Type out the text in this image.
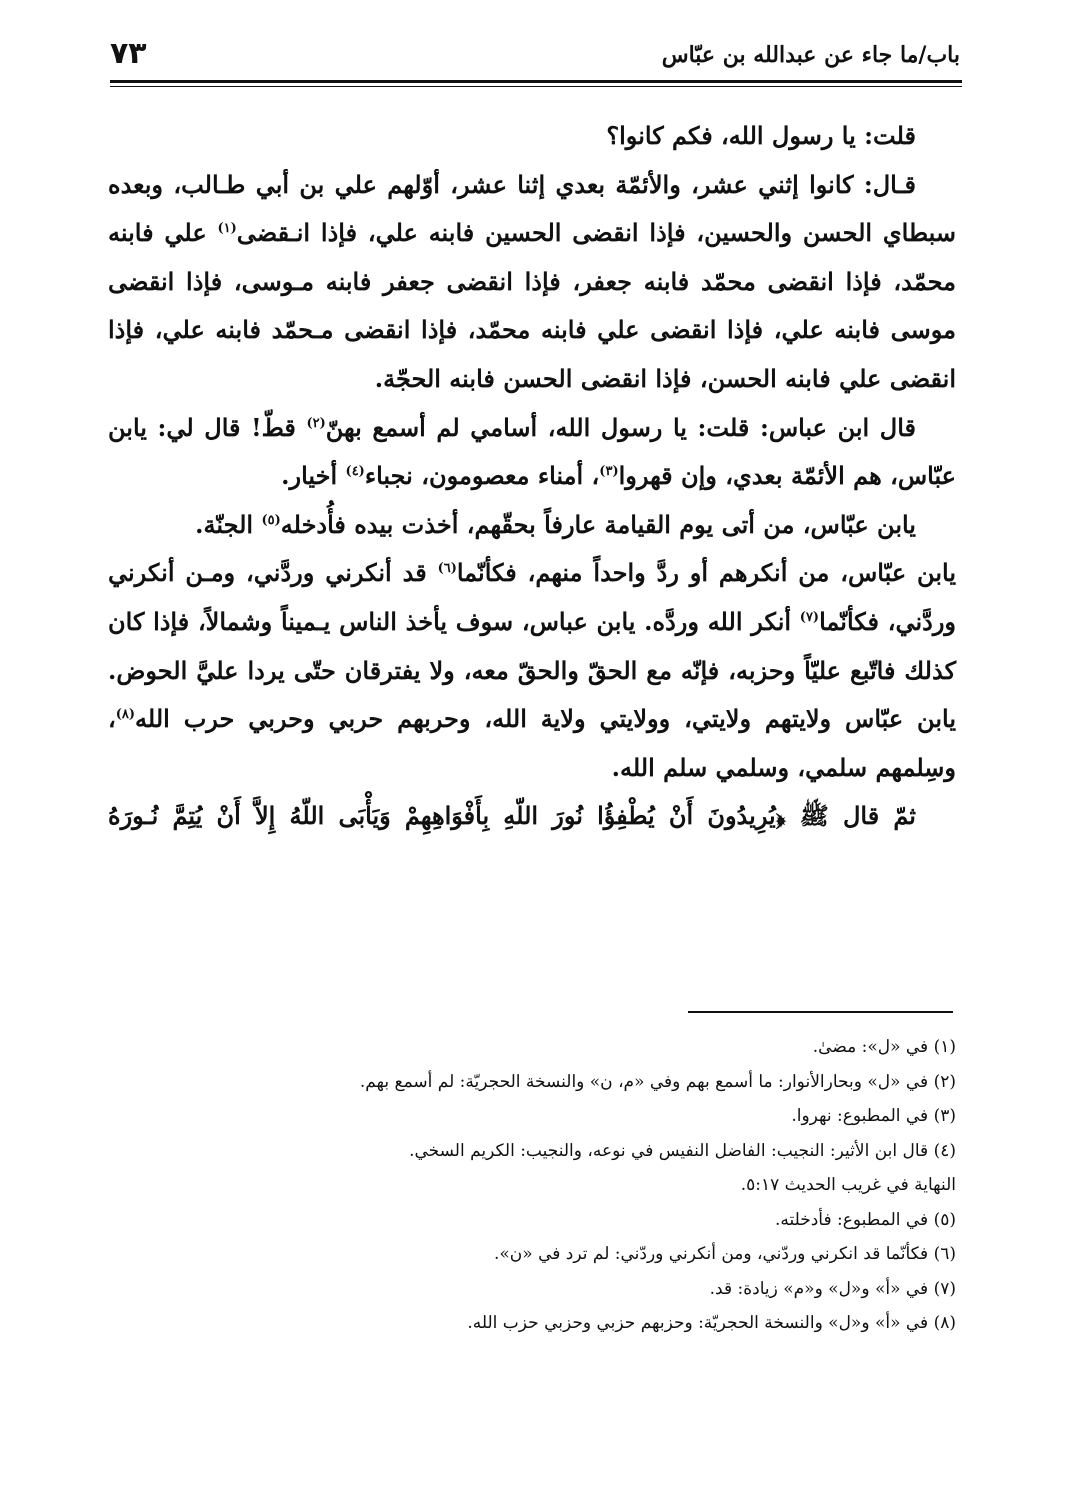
٧٣	باب/ما جاء عن عبدالله بن عبّاس

قلت: يا رسول الله، فكم كانوا؟

قـال: كانوا إثني عشر، والأئمّة بعدي إثنا عشر، أوّلهم علي بن أبي طـالب، وبعده سبطاي الحسن والحسين، فإذا انقضى الحسين فابنه علي، فإذا انـقضى$^{(١)}$ علي فابنه محمّد، فإذا انقضى محمّد فابنه جعفر، فإذا انقضى جعفر فابنه مـوسى، فإذا انقضى موسى فابنه علي، فإذا انقضى علي فابنه محمّد، فإذا انقضى مـحمّد فابنه علي، فإذا انقضى علي فابنه الحسن، فإذا انقضى الحسن فابنه الحجّة.

قال ابن عباس: قلت: يا رسول الله، أسامي لم أسمع بهنّ$^{(٢)}$ قطّ! قال لي: يابن عبّاس، هم الأئمّة بعدي، وإن قهروا$^{(٣)}$، أمناء معصومون، نجباء$^{(٤)}$ أخيار.

يابن عبّاس، من أتى يوم القيامة عارفاً بحقّهم، أخذت بيده فأُدخله$^{(٥)}$ الجنّة.

يابن عبّاس، من أنكرهم أو ردَّ واحداً منهم، فكأنّما$^{(٦)}$ قد أنكرني وردَّني، ومـن أنكرني وردَّني، فكأنّما$^{(٧)}$ أنكر الله وردَّه. يابن عباس، سوف يأخذ الناس يـميناً وشمالاً، فإذا كان كذلك فاتّبع عليّاً وحزبه، فإنّه مع الحقّ والحقّ معه، ولا يفترقان حتّى يردا عليَّ الحوض. يابن عبّاس ولايتهم ولايتي، وولايتي ولاية الله، وحربهم حربي وحربي حرب الله$^{(٨)}$، وسِلمهم سلمي، وسلمي سلم الله.

ثمّ قال ﷺ ﴿يُرِيدُونَ أَنْ يُطْفِؤُا نُورَ اللّهِ بِأَفْوَاهِهِمْ وَيَأْبَى اللّهُ إِلاَّ أَنْ يُتِمَّ نُـورَهُ

(١) في «ل»: مضىٰ.
(٢) في «ل» وبحارالأنوار: ما أسمع بهم وفي «م، ن» والنسخة الحجريّة: لم أسمع بهم.
(٣) في المطبوع: نهروا.
(٤) قال ابن الأثير: النجيب: الفاضل النفيس في نوعه، والنجيب: الكريم السخي.
النهاية في غريب الحديث ٥:١٧.
(٥) في المطبوع: فأدخلته.
(٦) فكأنّما قد انكرني وردّني، ومن أنكرني وردّني: لم ترد في «ن».
(٧) في «أ» و«ل» و«م» زيادة: قد.
(٨) في «أ» و«ل» والنسخة الحجريّة: وحزبهم حزبي وحزبي حزب الله.
